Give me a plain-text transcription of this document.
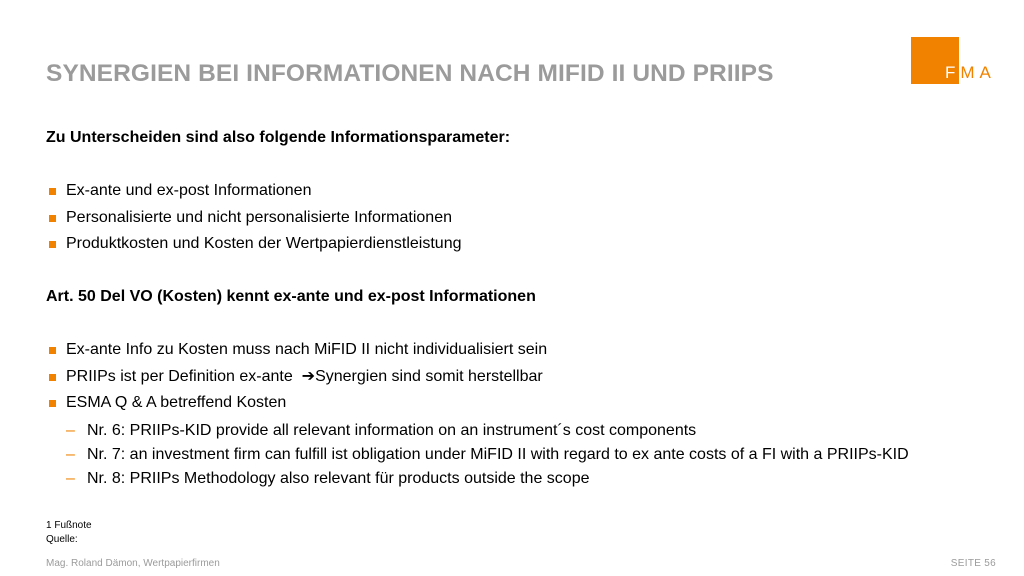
SYNERGIEN BEI INFORMATIONEN NACH MIFID II UND PRIIPS	FMA

Zu Unterscheiden sind also folgende Informationsparameter:

Ex-ante und ex-post Informationen
Personalisierte und nicht personalisierte Informationen
Produktkosten und Kosten der Wertpapierdienstleistung

Art. 50 Del VO (Kosten) kennt ex-ante und ex-post Informationen

Ex-ante Info zu Kosten muss nach MiFID II nicht individualisiert sein
PRIIPs ist per Definition ex-ante ➔Synergien sind somit herstellbar
ESMA Q & A betreffend Kosten
– Nr. 6: PRIIPs-KID provide all relevant information on an instrument´s cost components
– Nr. 7: an investment firm can fulfill ist obligation under MiFID II with regard to ex ante costs of a FI with a PRIIPs-KID
– Nr. 8: PRIIPs Methodology also relevant für products outside the scope
1 Fußnote
Quelle:
Mag. Roland Dämon, Wertpapierfirmen	SEITE 56
